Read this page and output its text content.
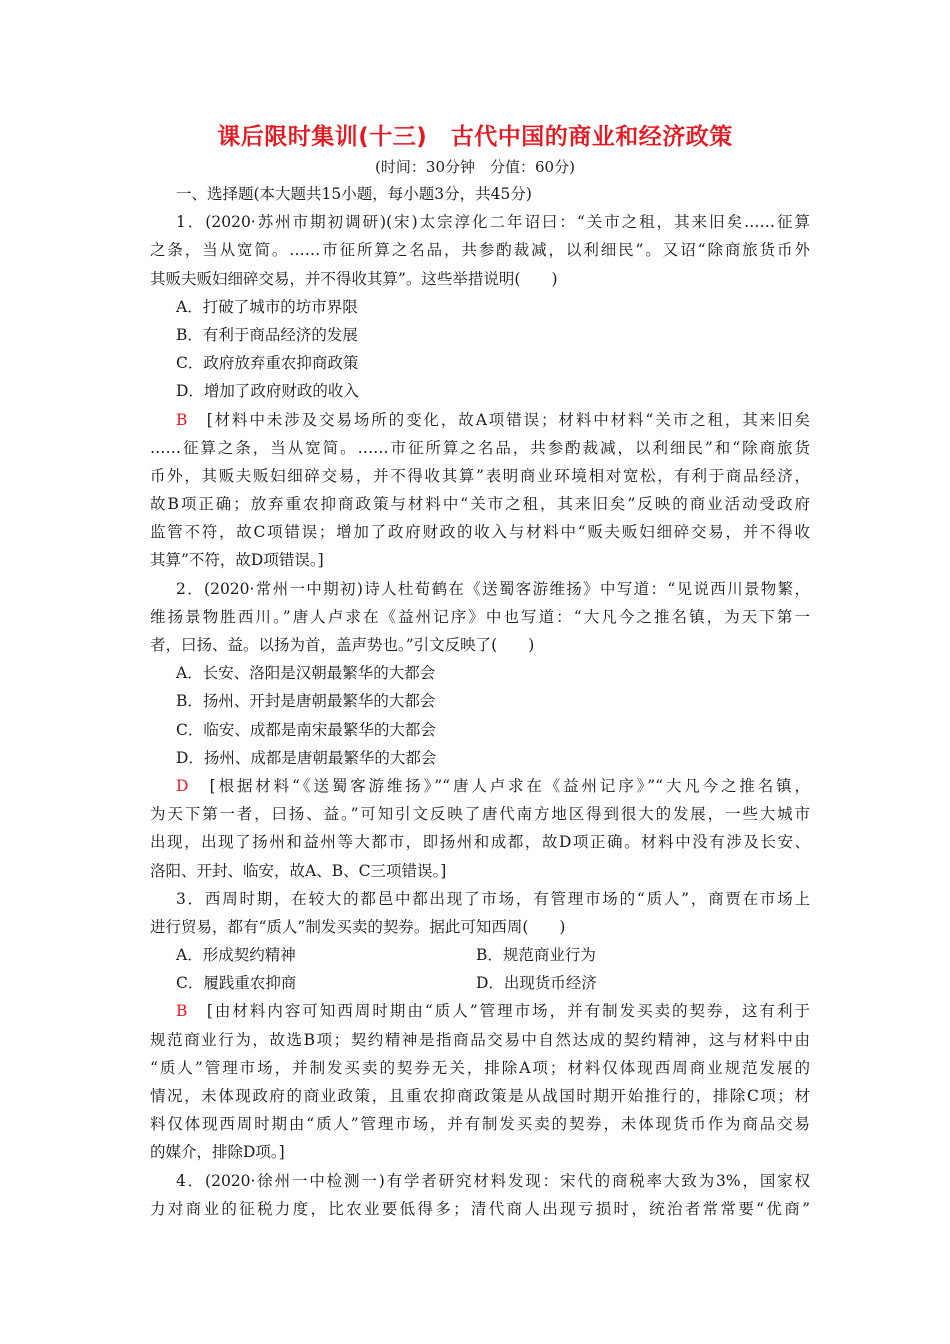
课后限时集训(十三)　古代中国的商业和经济政策
(时间：30分钟　分值：60分)
一、选择题(本大题共15小题，每小题3分，共45分)
1．(2020·苏州市期初调研)(宋)太宗淳化二年诏曰：“关市之租，其来旧矣……征算
之条，当从宽简。……市征所算之名品，共参酌裁减，以利细民”。又诏“除商旅货币外
其贩夫贩妇细碎交易，并不得收其算”。这些举措说明(　　)
A．打破了城市的坊市界限
B．有利于商品经济的发展
C．政府放弃重农抑商政策
D．增加了政府财政的收入
B　[材料中未涉及交易场所的变化，故A项错误；材料中材料“关市之租，其来旧矣
……征算之条，当从宽简。……市征所算之名品，共参酌裁减，以利细民”和“除商旅货
币外，其贩夫贩妇细碎交易，并不得收其算”表明商业环境相对宽松，有利于商品经济，
故B项正确；放弃重农抑商政策与材料中“关市之租，其来旧矣”反映的商业活动受政府
监管不符，故C项错误；增加了政府财政的收入与材料中“贩夫贩妇细碎交易，并不得收
其算”不符，故D项错误。]
2．(2020·常州一中期初)诗人杜荀鹤在《送蜀客游维扬》中写道：“见说西川景物繁，
维扬景物胜西川。”唐人卢求在《益州记序》中也写道：“大凡今之推名镇，为天下第一
者，曰扬、益。以扬为首，盖声势也。”引文反映了(　　)
A．长安、洛阳是汉朝最繁华的大都会
B．扬州、开封是唐朝最繁华的大都会
C．临安、成都是南宋最繁华的大都会
D．扬州、成都是唐朝最繁华的大都会
D　[根据材料“《送蜀客游维扬》”“唐人卢求在《益州记序》”“大凡今之推名镇，
为天下第一者，曰扬、益。”可知引文反映了唐代南方地区得到很大的发展，一些大城市
出现，出现了扬州和益州等大都市，即扬州和成都，故D项正确。材料中没有涉及长安、
洛阳、开封、临安，故A、B、C三项错误。]
3．西周时期，在较大的都邑中都出现了市场，有管理市场的“质人”，商贾在市场上
进行贸易，都有“质人”制发买卖的契券。据此可知西周(　　)
A．形成契约精神	B．规范商业行为
C．履践重农抑商	D．出现货币经济
B　[由材料内容可知西周时期由“质人”管理市场，并有制发买卖的契券，这有利于
规范商业行为，故选B项；契约精神是指商品交易中自然达成的契约精神，这与材料中由
“质人”管理市场，并制发买卖的契券无关，排除A项；材料仅体现西周商业规范发展的
情况，未体现政府的商业政策，且重农抑商政策是从战国时期开始推行的，排除C项；材
料仅体现西周时期由“质人”管理市场，并有制发买卖的契券，未体现货币作为商品交易
的媒介，排除D项。]
4．(2020·徐州一中检测一)有学者研究材料发现：宋代的商税率大致为3%，国家权
力对商业的征税力度，比农业要低得多；清代商人出现亏损时，统治者常常要“优商”
